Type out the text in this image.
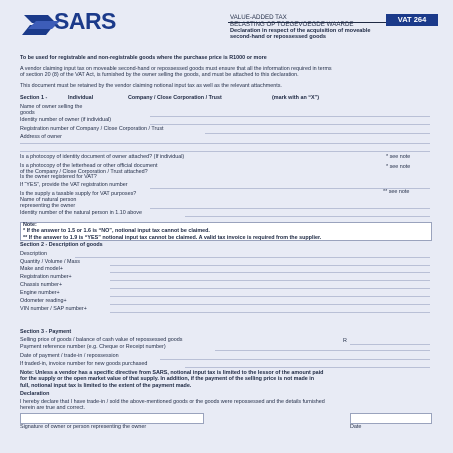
SARS	VALUE-ADDED TAX
BELASTING OP TOEGEVOEGDE WAARDE
VAT 264
Declaration in respect of the acquisition of moveable
second-hand or repossessed goods
To be used for registrable and non-registrable goods where the purchase price is R1000 or more
A vendor claiming input tax on moveable second-hand or repossessed goods must ensure that all the information required in terms
of section 20 (8) of the VAT Act, is furnished by the owner selling the goods, and must be attached to this declaration.
This document must be retained by the vendor claiming notional input tax as well as the relevant attachments.
Section 1 -	Individual	Company / Close Corporation / Trust	(mark with an “X”)
Name of owner selling the
goods
Identity number of owner (if individual)
Registration number of Company / Close Corporation / Trust
Address of owner
Is a photocopy of identity document of owner attached? (If individual)	* see note
Is a photocopy of the letterhead or other official document
of the Company / Close Corporation / Trust attached?
* see note
Is the owner registered for VAT?
If “YES”, provide the VAT registration number
Is the supply a taxable supply for VAT purposes?	** see note
Name of natural person
representing the owner
Identity number of the natural person in 1.10 above
Note:
* If the answer to 1.5 or 1.6 is “NO”, notional input tax cannot be claimed.
** If the answer to 1.9 is “YES” notional input tax cannot be claimed. A valid tax invoice is required from the supplier.
Section 2 - Description of goods
Description
Quantity / Volume / Mass
Make and model+
Registration number+
Chassis number+
Engine number+
Odometer reading+
VIN number / SAP number+
Section 3 - Payment
Selling price of goods / balance of cash value of repossessed goods	R
Payment reference number (e.g. Cheque or Receipt number)
Date of payment / trade-in / repossession
If traded-in, invoice number for new goods purchased
Note: Unless a vendor has a specific directive from SARS, notional input tax is limited to the lessor of the amount paid
for the supply or the open market value of that supply. In addition, if the payment of the selling price is not made in
full, notional input tax is limited to the extent of the payment made.
Declaration
I hereby declare that I have trade-in / sold the above-mentioned goods or the goods were repossessed and the details furnished
herein are true and correct.
Signature of owner or person representing the owner	Date
